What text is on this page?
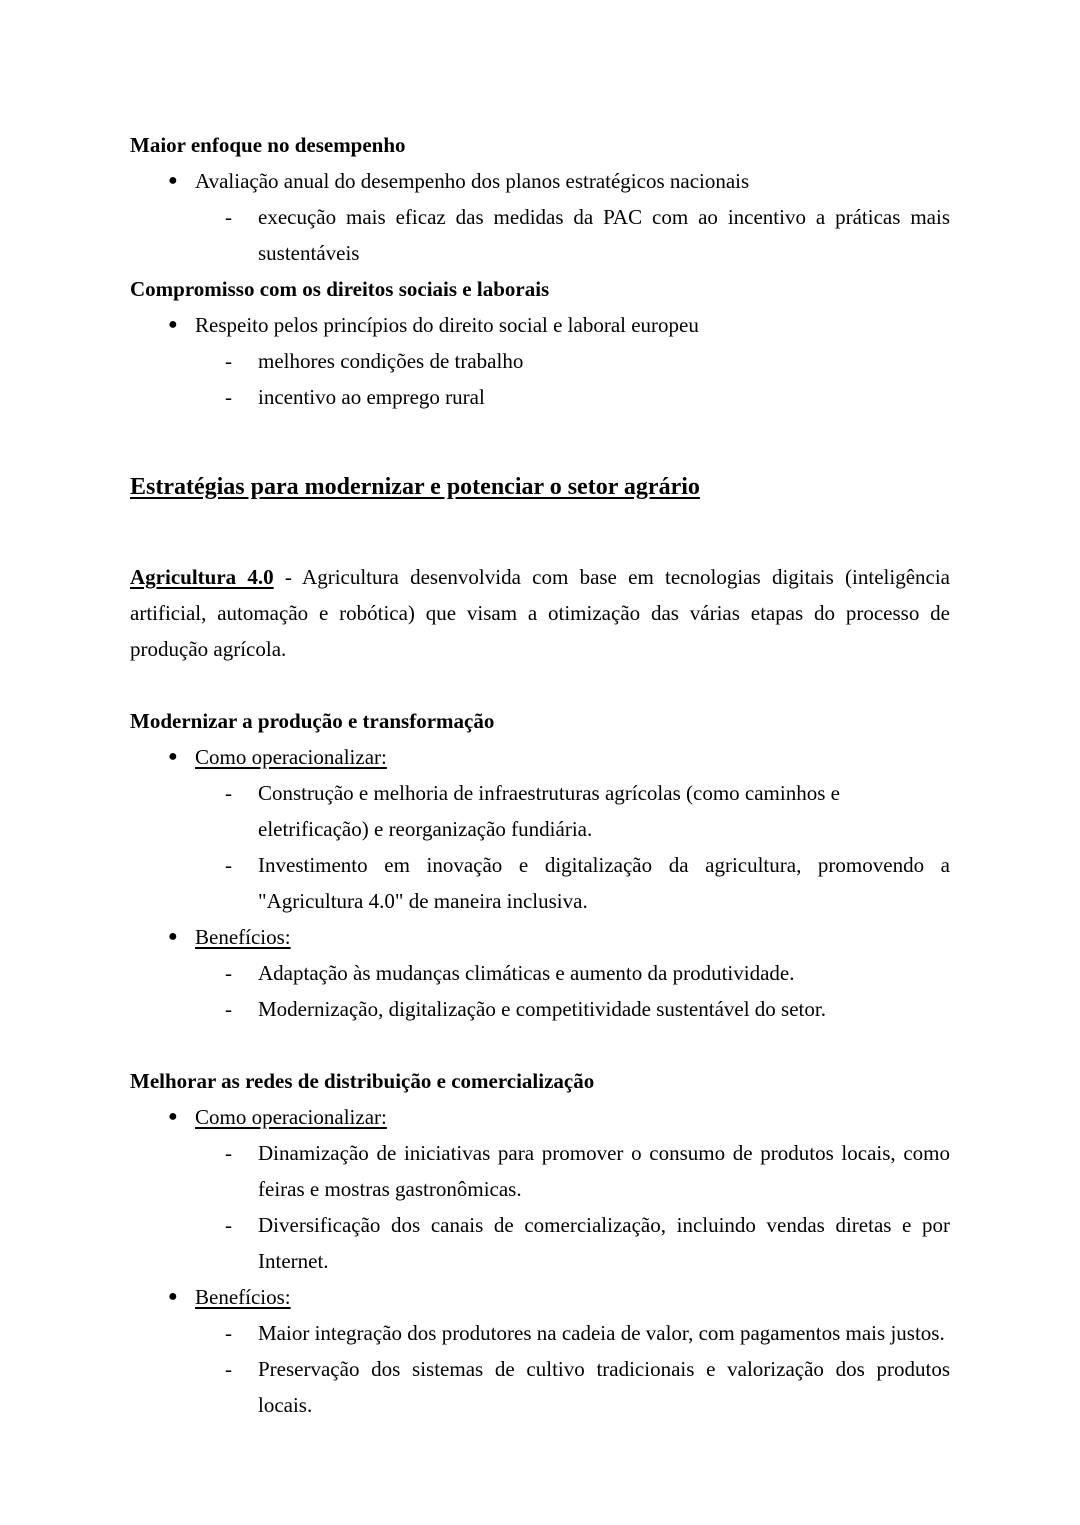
Maior enfoque no desempenho

● Avaliação anual do desempenho dos planos estratégicos nacionais
- execução mais eficaz das medidas da PAC com ao incentivo a práticas mais sustentáveis

Compromisso com os direitos sociais e laborais

● Respeito pelos princípios do direito social e laboral europeu
- melhores condições de trabalho
- incentivo ao emprego rural
Estratégias para modernizar e potenciar o setor agrário

Agricultura 4.0 - Agricultura desenvolvida com base em tecnologias digitais (inteligência artificial, automação e robótica) que visam a otimização das várias etapas do processo de produção agrícola.

Modernizar a produção e transformação

● Como operacionalizar:
- Construção e melhoria de infraestruturas agrícolas (como caminhos e eletrificação) e reorganização fundiária.
- Investimento em inovação e digitalização da agricultura, promovendo a "Agricultura 4.0" de maneira inclusiva.
● Benefícios:
- Adaptação às mudanças climáticas e aumento da produtividade.
- Modernização, digitalização e competitividade sustentável do setor.

Melhorar as redes de distribuição e comercialização

● Como operacionalizar:
- Dinamização de iniciativas para promover o consumo de produtos locais, como feiras e mostras gastronômicas.
- Diversificação dos canais de comercialização, incluindo vendas diretas e por Internet.
● Benefícios:
- Maior integração dos produtores na cadeia de valor, com pagamentos mais justos.
- Preservação dos sistemas de cultivo tradicionais e valorização dos produtos locais.
